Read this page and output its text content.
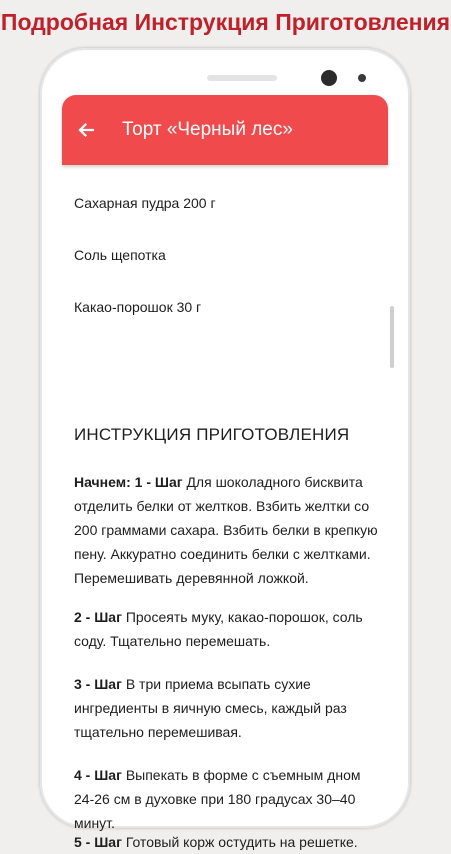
Подробная Инструкция Приготовления
Торт «Черный лес»

Сахарная пудра 200 г

Соль щепотка

Какао-порошок 30 г

ИНСТРУКЦИЯ ПРИГОТОВЛЕНИЯ

Начнем: 1 - Шаг Для шоколадного бисквита отделить белки от желтков. Взбить желтки со 200 граммами сахара. Взбить белки в крепкую пену. Аккуратно соединить белки с желтками. Перемешивать деревянной ложкой.

2 - Шаг Просеять муку, какао-порошок, соль соду. Тщательно перемешать.

3 - Шаг В три приема всыпать сухие ингредиенты в яичную смесь, каждый раз тщательно перемешивая.

4 - Шаг Выпекать в форме с съемным дном 24-26 см в духовке при 180 градусах 30–40 минут.

5 - Шаг Готовый корж остудить на решетке.
